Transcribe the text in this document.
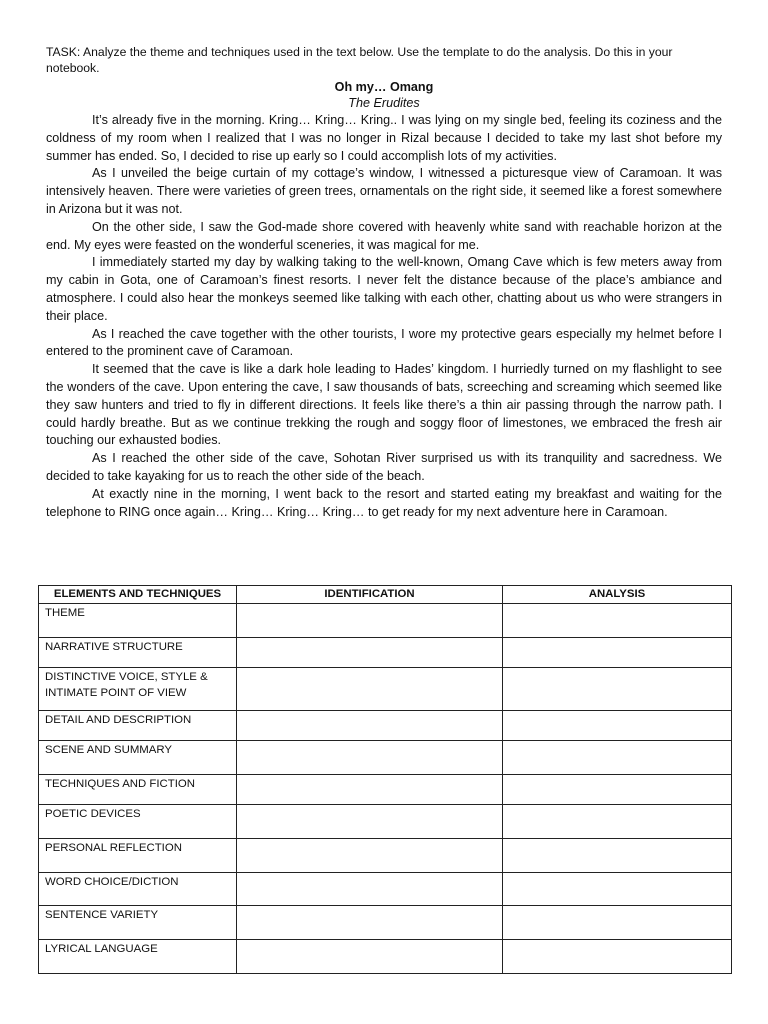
TASK: Analyze the theme and techniques used in the text below. Use the template to do the analysis. Do this in your notebook.

Oh my… Omang

The Erudites

It’s already five in the morning. Kring… Kring… Kring.. I was lying on my single bed, feeling its coziness and the coldness of my room when I realized that I was no longer in Rizal because I decided to take my last shot before my summer has ended. So, I decided to rise up early so I could accomplish lots of my activities.

As I unveiled the beige curtain of my cottage’s window, I witnessed a picturesque view of Caramoan. It was intensively heaven. There were varieties of green trees, ornamentals on the right side, it seemed like a forest somewhere in Arizona but it was not.

On the other side, I saw the God-made shore covered with heavenly white sand with reachable horizon at the end. My eyes were feasted on the wonderful sceneries, it was magical for me.

I immediately started my day by walking taking to the well-known, Omang Cave which is few meters away from my cabin in Gota, one of Caramoan’s finest resorts. I never felt the distance because of the place’s ambiance and atmosphere. I could also hear the monkeys seemed like talking with each other, chatting about us who were strangers in their place.

As I reached the cave together with the other tourists, I wore my protective gears especially my helmet before I entered to the prominent cave of Caramoan.

It seemed that the cave is like a dark hole leading to Hades’ kingdom. I hurriedly turned on my flashlight to see the wonders of the cave. Upon entering the cave, I saw thousands of bats, screeching and screaming which seemed like they saw hunters and tried to fly in different directions. It feels like there’s a thin air passing through the narrow path. I could hardly breathe. But as we continue trekking the rough and soggy floor of limestones, we embraced the fresh air touching our exhausted bodies.

As I reached the other side of the cave, Sohotan River surprised us with its tranquility and sacredness. We decided to take kayaking for us to reach the other side of the beach.

At exactly nine in the morning, I went back to the resort and started eating my breakfast and waiting for the telephone to RING once again… Kring… Kring… Kring… to get ready for my next adventure here in Caramoan.

ELEMENTS AND TECHNIQUES	IDENTIFICATION	ANALYSIS
THEME		
NARRATIVE STRUCTURE		
DISTINCTIVE VOICE, STYLE & INTIMATE POINT OF VIEW		
DETAIL AND DESCRIPTION		
SCENE AND SUMMARY		
TECHNIQUES AND FICTION		
POETIC DEVICES		
PERSONAL REFLECTION		
WORD CHOICE/DICTION		
SENTENCE VARIETY		
LYRICAL LANGUAGE		
